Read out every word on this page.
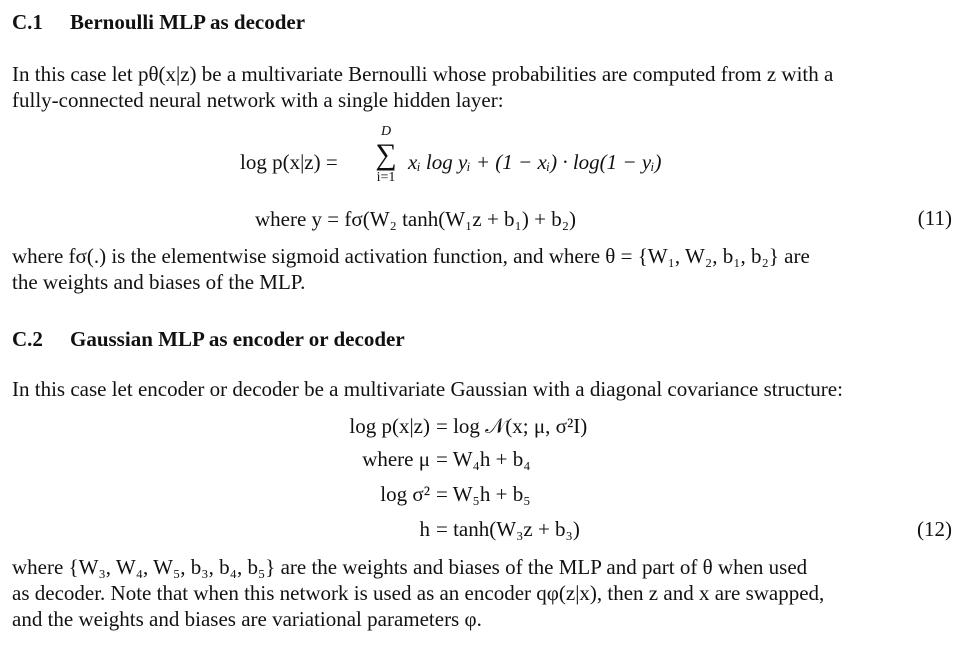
C.1 Bernoulli MLP as decoder

In this case let pθ(x|z) be a multivariate Bernoulli whose probabilities are computed from z with a

fully-connected neural network with a single hidden layer:

D
∑
i=1
log p(x|z) =	xᵢ log yᵢ + (1 − xᵢ) · log(1 − yᵢ)
where y = fσ(W₂ tanh(W₁z + b₁) + b₂)	(11)

where fσ(.) is the elementwise sigmoid activation function, and where θ = {W₁, W₂, b₁, b₂} are

the weights and biases of the MLP.

C.2 Gaussian MLP as encoder or decoder

In this case let encoder or decoder be a multivariate Gaussian with a diagonal covariance structure:

log p(x|z) = log 𝒩(x; μ, σ²I)
where μ = W₄h + b₄
log σ² = W₅h + b₅
h = tanh(W₃z + b₃)	(12)

where {W₃, W₄, W₅, b₃, b₄, b₅} are the weights and biases of the MLP and part of θ when used

as decoder. Note that when this network is used as an encoder qφ(z|x), then z and x are swapped,

and the weights and biases are variational parameters φ.
